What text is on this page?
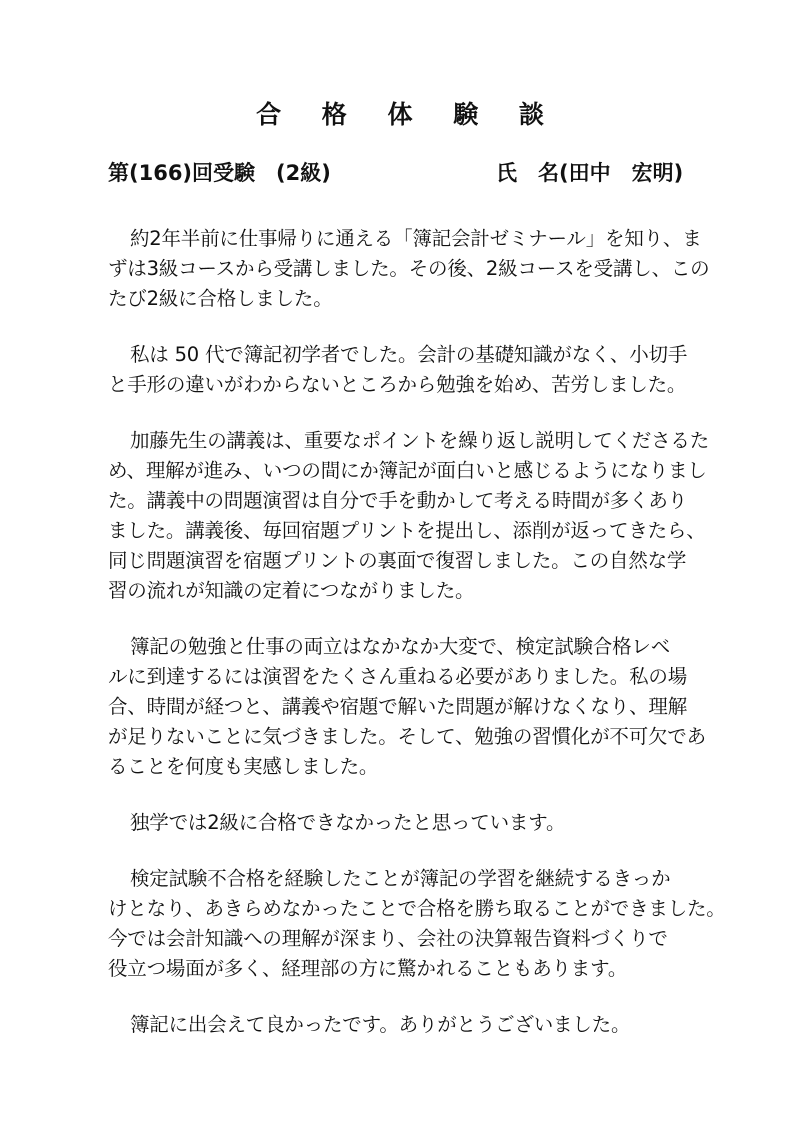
合 格 体 験 談
第(166)回受験　(2級)	氏　名(田中　宏明)
約2年半前に仕事帰りに通える「簿記会計ゼミナール」を知り、ま
ずは3級コースから受講しました。その後、2級コースを受講し、この
たび2級に合格しました。
私は 50 代で簿記初学者でした。会計の基礎知識がなく、小切手
と手形の違いがわからないところから勉強を始め、苦労しました。
加藤先生の講義は、重要なポイントを繰り返し説明してくださるた
め、理解が進み、いつの間にか簿記が面白いと感じるようになりまし
た。講義中の問題演習は自分で手を動かして考える時間が多くあり
ました。講義後、毎回宿題プリントを提出し、添削が返ってきたら、
同じ問題演習を宿題プリントの裏面で復習しました。この自然な学
習の流れが知識の定着につながりました。
簿記の勉強と仕事の両立はなかなか大変で、検定試験合格レベ
ルに到達するには演習をたくさん重ねる必要がありました。私の場
合、時間が経つと、講義や宿題で解いた問題が解けなくなり、理解
が足りないことに気づきました。そして、勉強の習慣化が不可欠であ
ることを何度も実感しました。
独学では2級に合格できなかったと思っています。
検定試験不合格を経験したことが簿記の学習を継続するきっか
けとなり、あきらめなかったことで合格を勝ち取ることができました。
今では会計知識への理解が深まり、会社の決算報告資料づくりで
役立つ場面が多く、経理部の方に驚かれることもあります。
簿記に出会えて良かったです。ありがとうございました。
